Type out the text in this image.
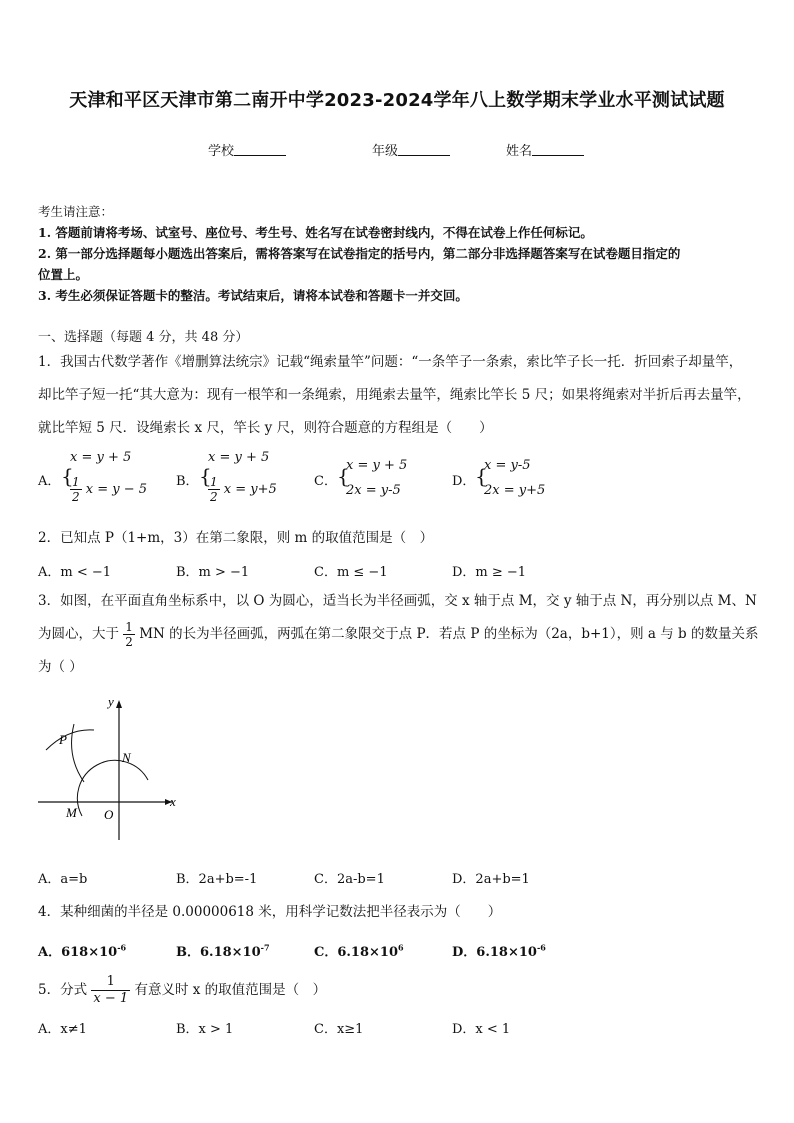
天津和平区天津市第二南开中学2023-2024学年八上数学期末学业水平测试试题
学校	年级	姓名
考生请注意：
1. 答题前请将考场、试室号、座位号、考生号、姓名写在试卷密封线内，不得在试卷上作任何标记。
2. 第一部分选择题每小题选出答案后，需将答案写在试卷指定的括号内，第二部分非选择题答案写在试卷题目指定的
位置上。
3. 考生必须保证答题卡的整洁。考试结束后，请将本试卷和答题卡一并交回。
一、选择题（每题 4 分，共 48 分）
1．我国古代数学著作《增删算法统宗》记载“绳索量竿”问题：“一条竿子一条索，索比竿子长一托．折回索子却量竿，
却比竿子短一托“其大意为：现有一根竿和一条绳索，用绳索去量竿，绳索比竿长 5 尺；如果将绳索对半折后再去量竿，
就比竿短 5 尺．设绳索长 x 尺，竿长 y 尺，则符合题意的方程组是（　　）
A． {
x = y + 5
$\frac{1}{2}$ x = y − 5
B． {
x = y + 5
$\frac{1}{2}$ x = y+5
C． {
x = y + 5
2x = y-5
D． {
x = y-5
2x = y+5
2．已知点 P（1+m，3）在第二象限，则 m 的取值范围是（　）
A．m < −1	B．m > −1	C．m ≤ −1	D．m ≥ −1
3．如图，在平面直角坐标系中，以 O 为圆心，适当长为半径画弧，交 x 轴于点 M，交 y 轴于点 N，再分别以点 M、N
为圆心，大于 $\frac{1}{2}$ MN 的长为半径画弧，两弧在第二象限交于点 P．若点 P 的坐标为（2a，b+1），则 a 与 b 的数量关系
为（ ）
y
x
P
N
M O
A．a=b	B．2a+b=-1	C．2a-b=1	D．2a+b=1
4．某种细菌的半径是 0.00000618 米，用科学记数法把半径表示为（　　）
A．$618\times 10^{-6}$	B．$6.18\times 10^{-7}$	C．$6.18\times 10^6$	D．$6.18\times 10^{-6}$
5．分式 $\frac{1}{x - 1}$ 有意义时 x 的取值范围是（　）
A．x≠1	B．x > 1	C．x≥1	D．x < 1
